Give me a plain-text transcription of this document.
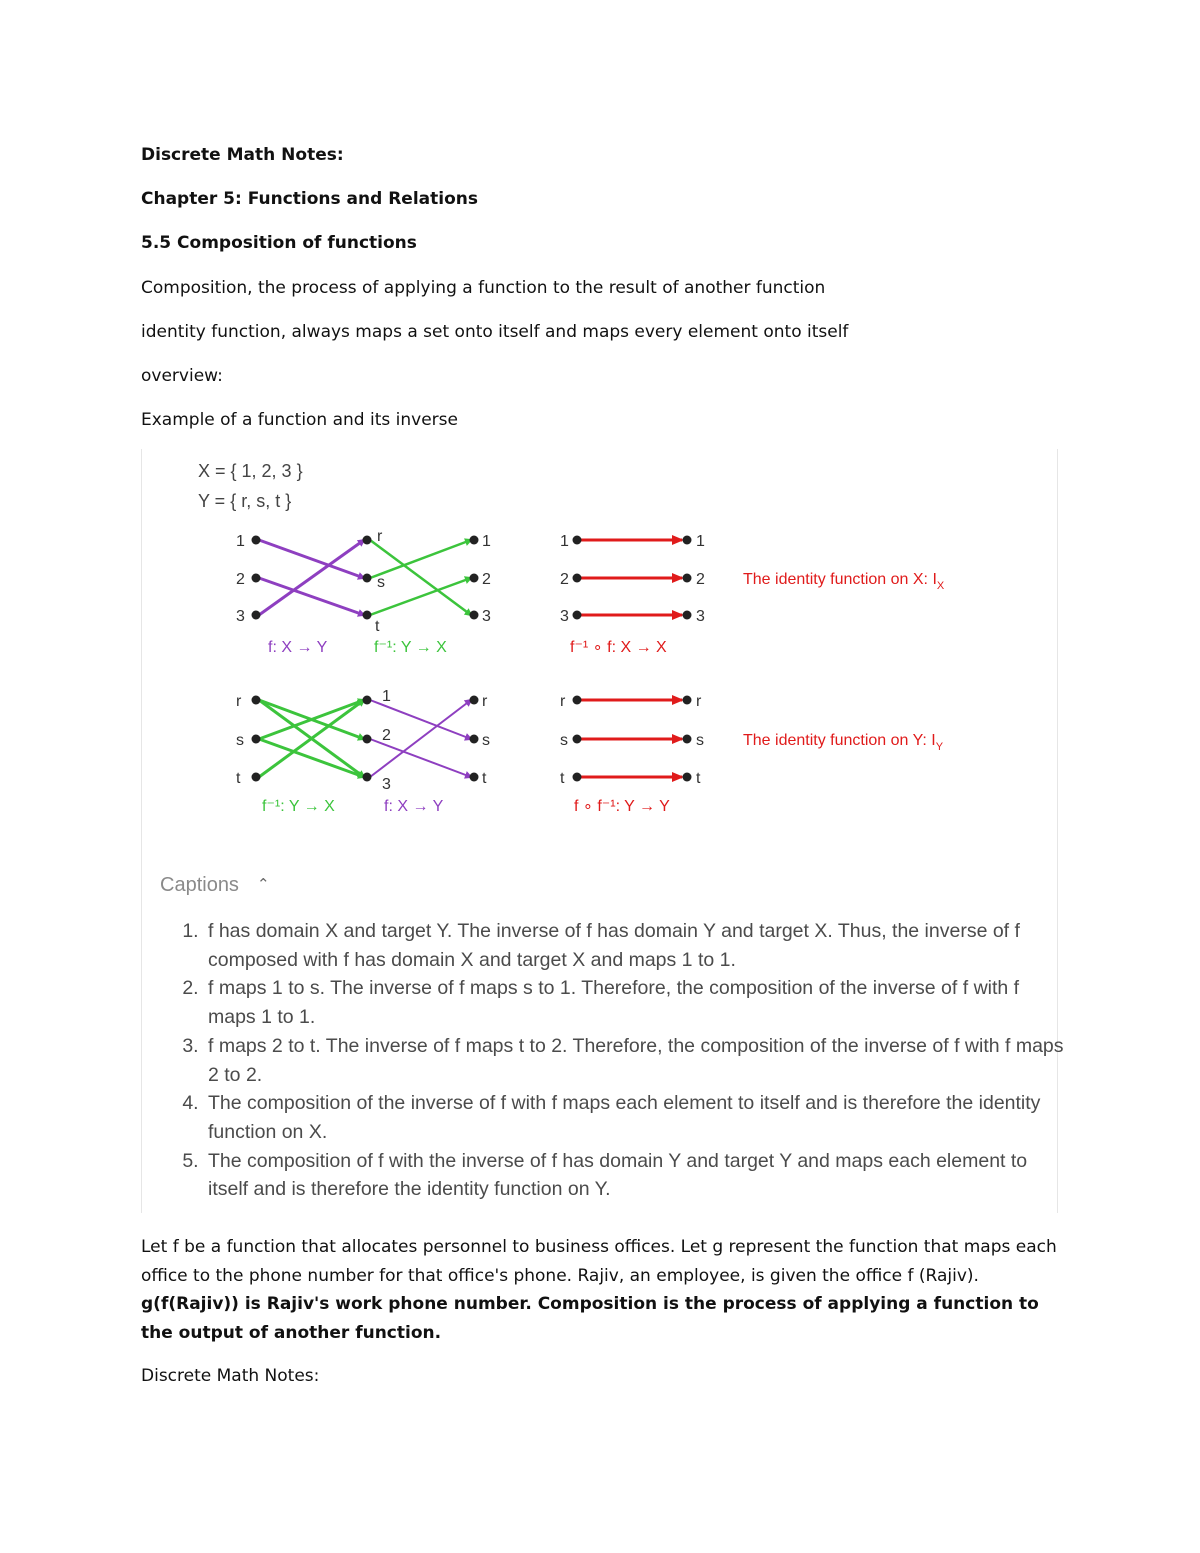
Discrete Math Notes:
Chapter 5: Functions and Relations
5.5 Composition of functions
Composition, the process of applying a function to the result of another function
identity function, always maps a set onto itself and maps every element onto itself
overview:
Example of a function and its inverse
X = { 1, 2, 3 }
Y = { r, s, t }
1
2
3
r
s
t
1
2
3
f: X → Y	f⁻¹: Y → X
1
2
3
1
2
3
f⁻¹ ∘ f: X → X
The identity function on X: $I_X$
r
s
t
1
2
3
r
s
t
f⁻¹: Y → X	f: X → Y
r
s
t
r
s
t
f ∘ f⁻¹: Y → Y
The identity function on Y: $I_Y$
Captions ⌃
1. f has domain X and target Y. The inverse of f has domain Y and target X. Thus, the inverse of f composed with f has domain X and target X and maps 1 to 1.
2. f maps 1 to s. The inverse of f maps s to 1. Therefore, the composition of the inverse of f with f maps 1 to 1.
3. f maps 2 to t. The inverse of f maps t to 2. Therefore, the composition of the inverse of f with f maps 2 to 2.
4. The composition of the inverse of f with f maps each element to itself and is therefore the identity function on X.
5. The composition of f with the inverse of f has domain Y and target Y and maps each element to itself and is therefore the identity function on Y.
Let f be a function that allocates personnel to business offices. Let g represent the function that maps each office to the phone number for that office's phone. Rajiv, an employee, is given the office f (Rajiv). g(f(Rajiv)) is Rajiv's work phone number. Composition is the process of applying a function to the output of another function.
Discrete Math Notes:
